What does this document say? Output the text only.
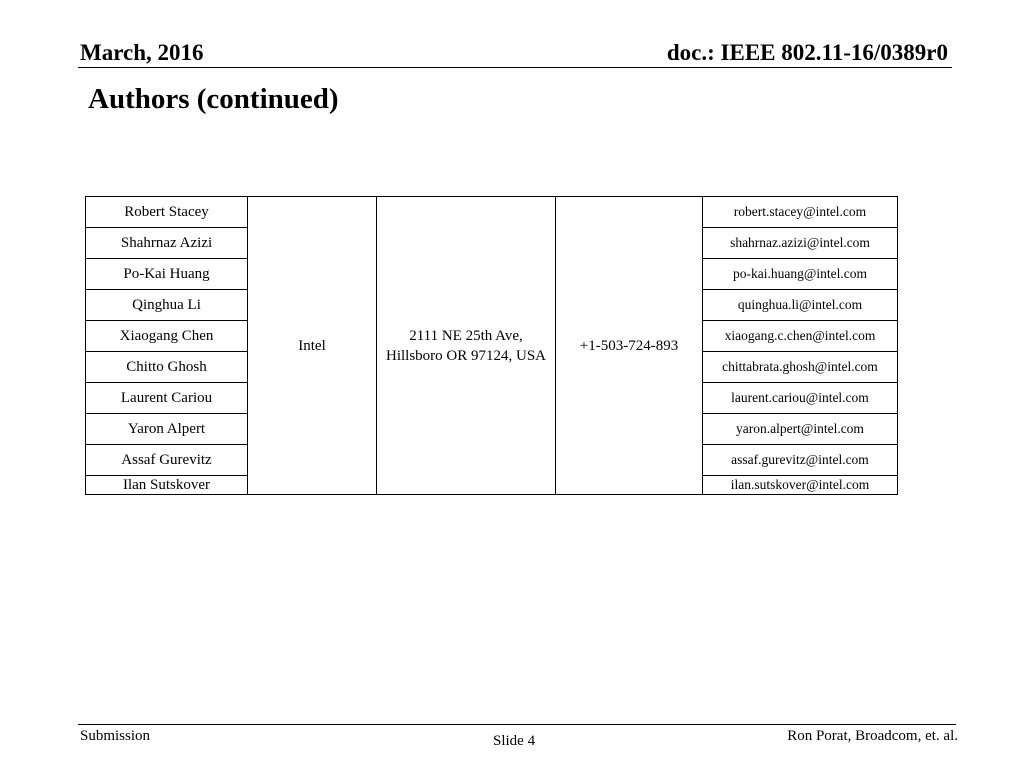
March, 2016	doc.: IEEE 802.11-16/0389r0
Authors (continued)
Robert Stacey	Intel	2111 NE 25th Ave, Hillsboro OR 97124, USA	+1-503-724-893	robert.stacey@intel.com
Shahrnaz Azizi				shahrnaz.azizi@intel.com
Po-Kai Huang				po-kai.huang@intel.com
Qinghua Li				quinghua.li@intel.com
Xiaogang Chen				xiaogang.c.chen@intel.com
Chitto Ghosh				chittabrata.ghosh@intel.com
Laurent Cariou				laurent.cariou@intel.com
Yaron Alpert				yaron.alpert@intel.com
Assaf Gurevitz				assaf.gurevitz@intel.com
Ilan Sutskover				ilan.sutskover@intel.com
Submission	Slide 4	Ron Porat, Broadcom, et. al.
